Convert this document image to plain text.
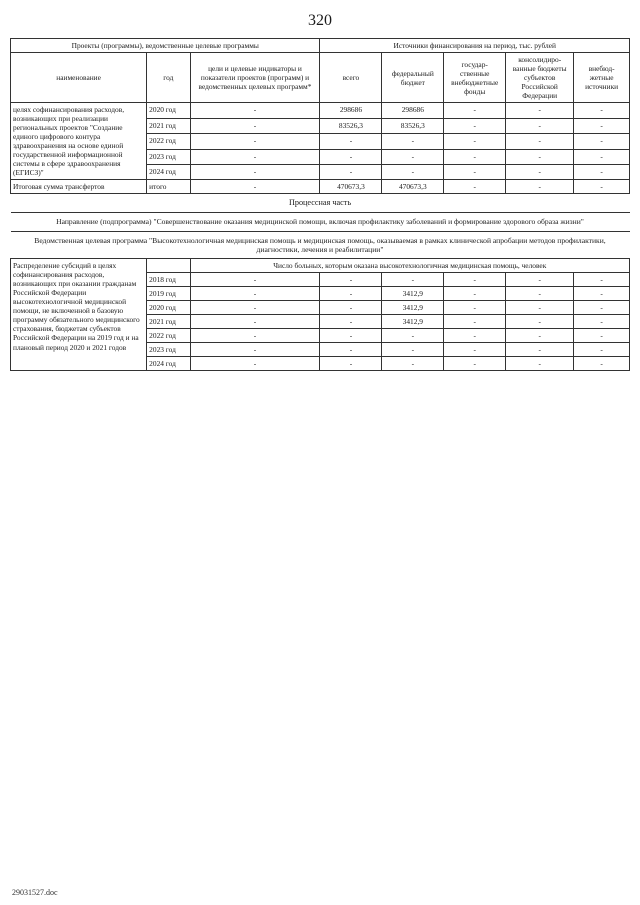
320
Проекты (программы), ведомственные целевые программы			Источники финансирования на период, тыс. рублей				
наименование	год	цели и целевые индикаторы и показатели проектов (программ) и ведомственных целевых программ*	всего	федеральный бюджет	государ- ственные внебюджетные фонды	консолидиро- ванные бюджеты субъектов Российской Федерации	внебюд- жетные источники
целях софинансирования расходов, возникающих при реализации региональных проектов "Создание единого цифрового контура здравоохранения на основе единой государственной информационной системы в сфере здравоохранения (ЕГИСЗ)"	2020 год	-	298686	298686	-	-	-
	2021 год	-	83526,3	83526,3	-	-	-
	2022 год	-	-	-	-	-	-
	2023 год	-	-	-	-	-	-
	2024 год	-	-	-	-	-	-
Итоговая сумма трансфертов	итого	-	470673,3	470673,3	-	-	-
Процессная часть							
Направление (подпрограмма) "Совершенствование оказания медицинской помощи, включая профилактику заболеваний и формирование здорового образа жизни"							
Ведомственная целевая программа "Высокотехнологичная медицинская помощь и медицинская помощь, оказываемая в рамках клинической апробации методов профилактики, диагностики, лечения и реабилитации"							
Распределение субсидий в целях софинансирования расходов, возникающих при оказании гражданам Российской Федерации высокотехнологичной медицинской помощи, не включенной в базовую программу обязательного медицинского страхования, бюджетам субъектов Российской Федерации на 2019 год и на плановый период 2020 и 2021 годов		Число больных, которым оказана высокотехнологичная медицинская помощь, человек					
	2018 год	-	-	-	-	-	-
	2019 год	-	-	3412,9	-	-	-
	2020 год	-	-	3412,9	-	-	-
	2021 год	-	-	3412,9	-	-	-
	2022 год	-	-	-	-	-	-
	2023 год	-	-	-	-	-	-
	2024 год	-	-	-	-	-	-
29031527.doc
